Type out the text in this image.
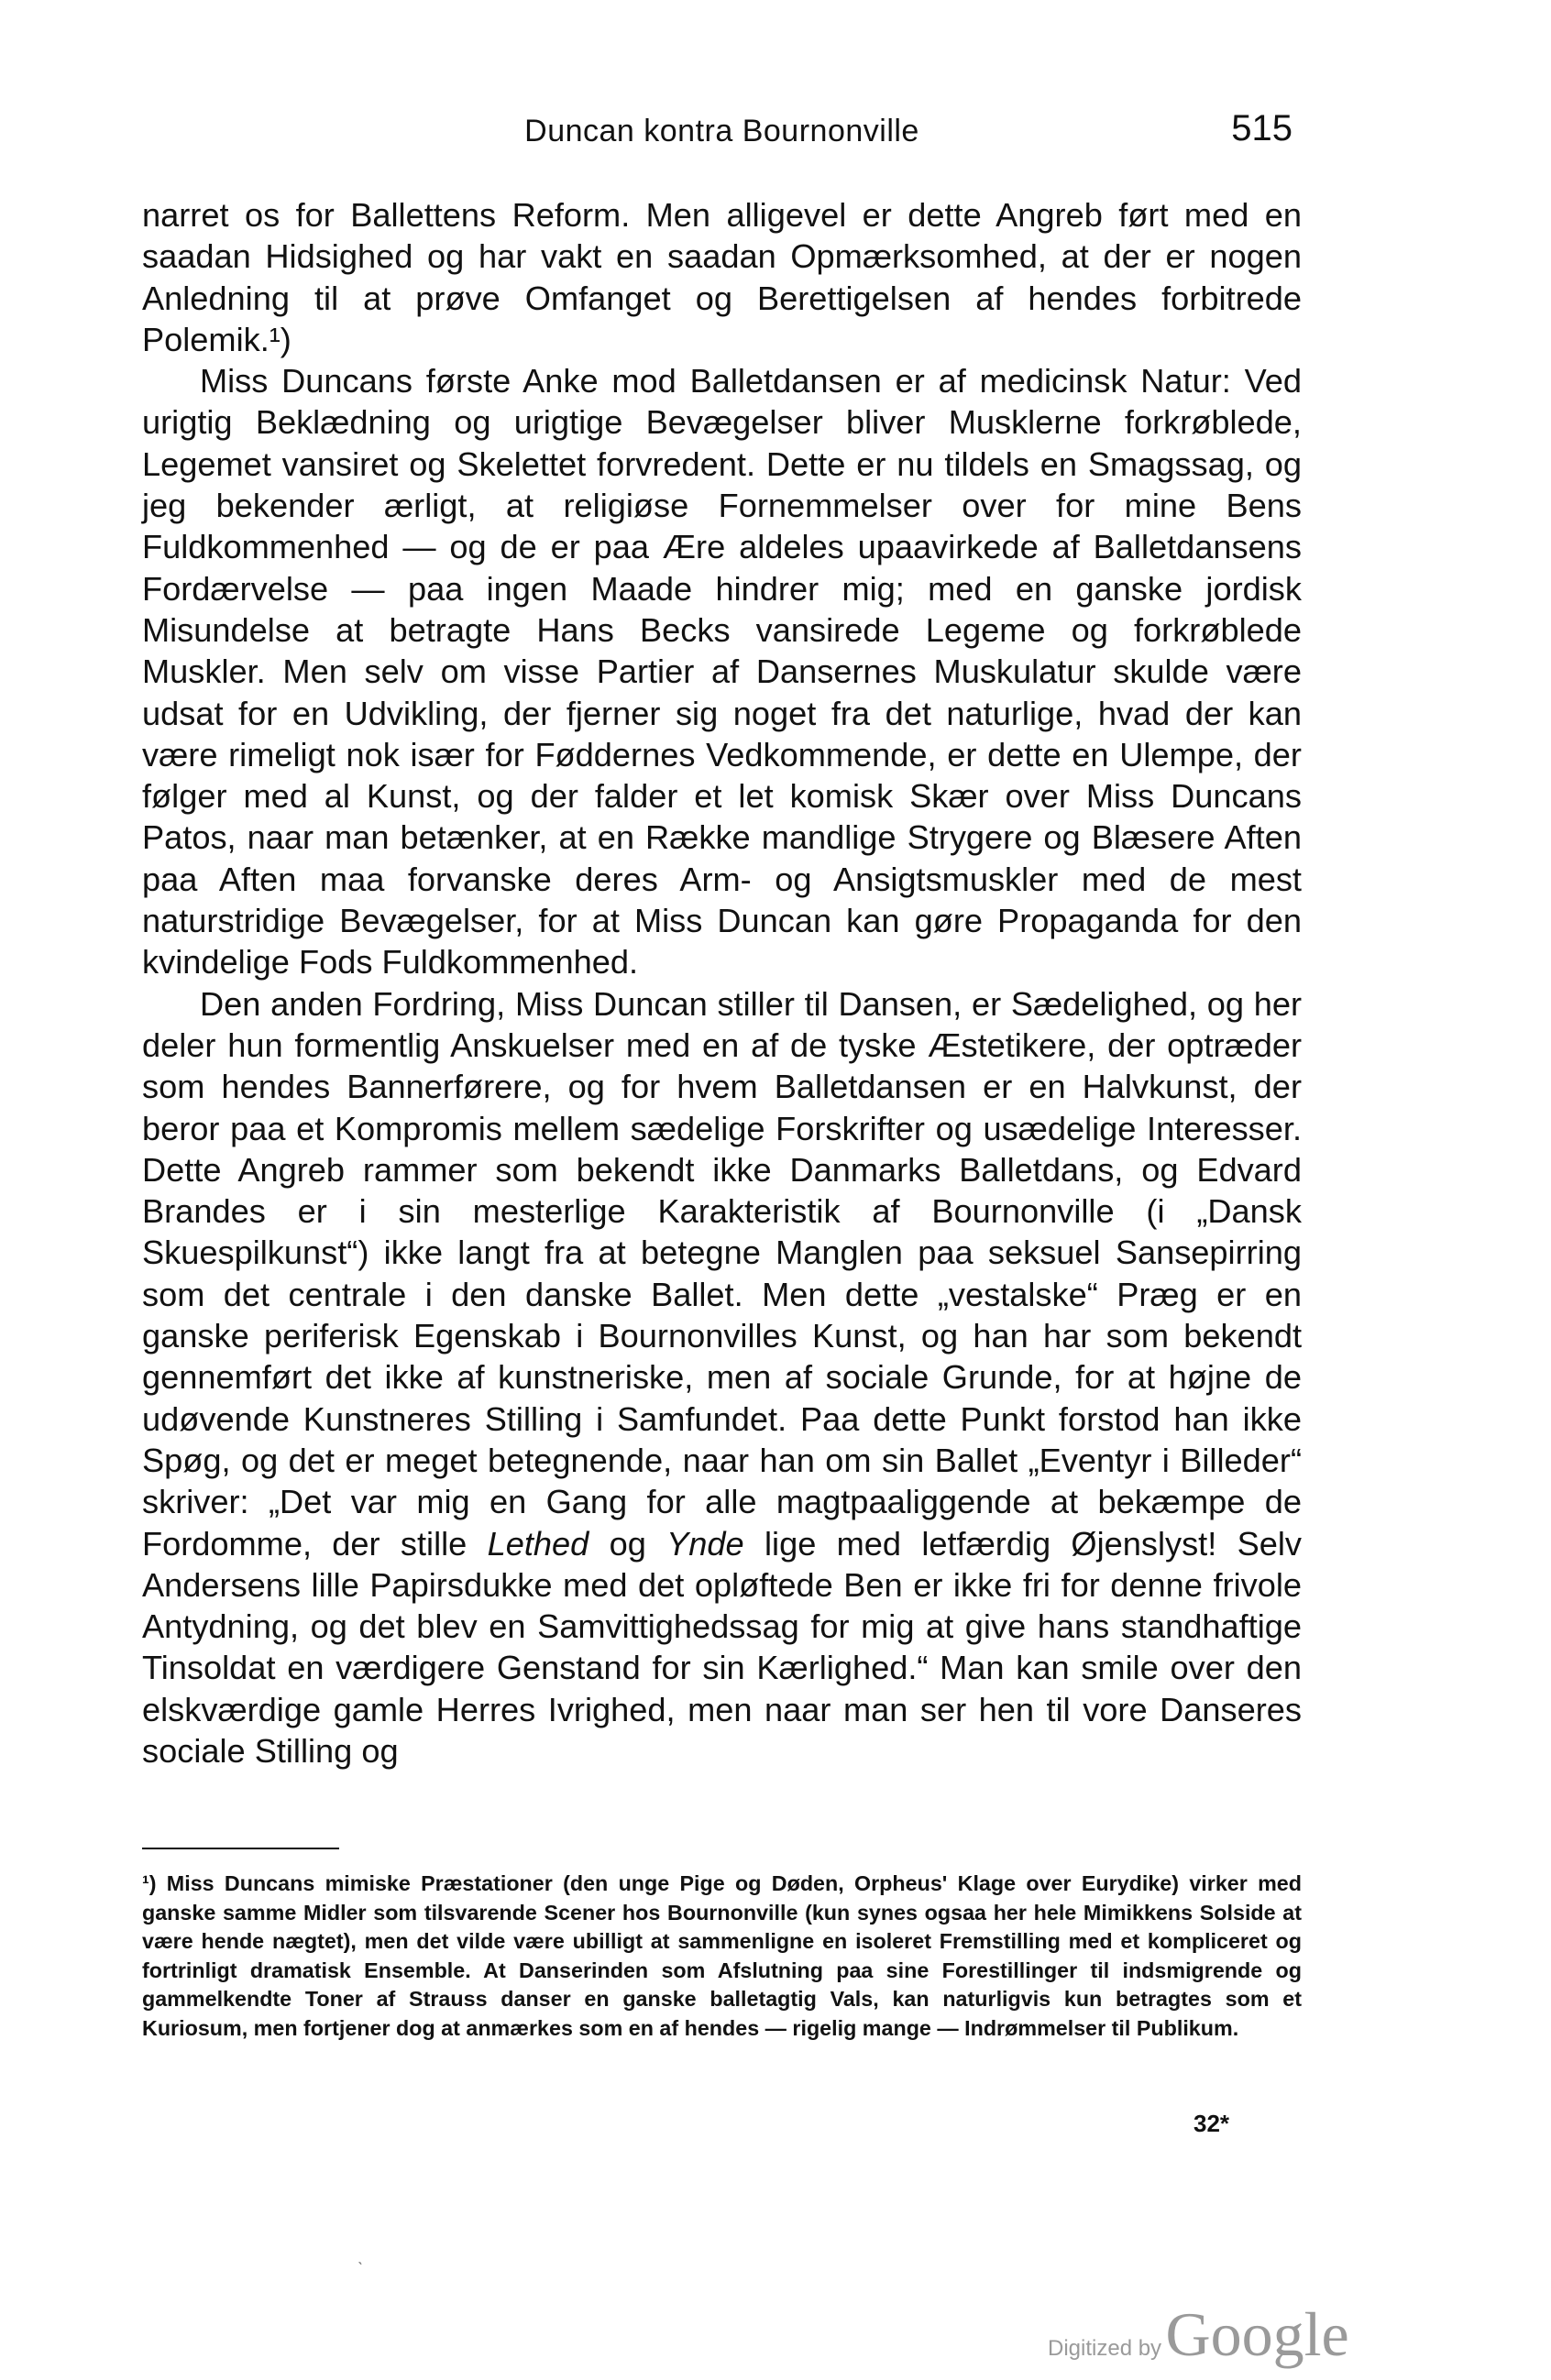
Duncan kontra Bournonville	515

narret os for Ballettens Reform. Men alligevel er dette Angreb ført med en saadan Hidsighed og har vakt en saadan Opmærksomhed, at der er nogen Anledning til at prøve Omfanget og Berettigelsen af hendes forbitrede Polemik.¹)

Miss Duncans første Anke mod Balletdansen er af medicinsk Natur: Ved urigtig Beklædning og urigtige Bevægelser bliver Musklerne forkrøblede, Legemet vansiret og Skelettet forvredent. Dette er nu tildels en Smagssag, og jeg bekender ærligt, at religiøse Fornemmelser over for mine Bens Fuldkommenhed — og de er paa Ære aldeles upaavirkede af Balletdansens Fordærvelse — paa ingen Maade hindrer mig; med en ganske jordisk Misundelse at betragte Hans Becks vansirede Legeme og forkrøblede Muskler. Men selv om visse Partier af Dansernes Muskulatur skulde være udsat for en Udvikling, der fjerner sig noget fra det naturlige, hvad der kan være rimeligt nok især for Føddernes Vedkommende, er dette en Ulempe, der følger med al Kunst, og der falder et let komisk Skær over Miss Duncans Patos, naar man betænker, at en Række mandlige Strygere og Blæsere Aften paa Aften maa forvanske deres Arm- og Ansigtsmuskler med de mest naturstridige Bevægelser, for at Miss Duncan kan gøre Propaganda for den kvindelige Fods Fuldkommenhed.

Den anden Fordring, Miss Duncan stiller til Dansen, er Sædelighed, og her deler hun formentlig Anskuelser med en af de tyske Æstetikere, der optræder som hendes Bannerførere, og for hvem Balletdansen er en Halvkunst, der beror paa et Kompromis mellem sædelige Forskrifter og usædelige Interesser. Dette Angreb rammer som bekendt ikke Danmarks Balletdans, og Edvard Brandes er i sin mesterlige Karakteristik af Bournonville (i „Dansk Skuespilkunst“) ikke langt fra at betegne Manglen paa seksuel Sansepirring som det centrale i den danske Ballet. Men dette „vestalske“ Præg er en ganske periferisk Egenskab i Bournonvilles Kunst, og han har som bekendt gennemført det ikke af kunstneriske, men af sociale Grunde, for at højne de udøvende Kunstneres Stilling i Samfundet. Paa dette Punkt forstod han ikke Spøg, og det er meget betegnende, naar han om sin Ballet „Eventyr i Billeder“ skriver: „Det var mig en Gang for alle magtpaaliggende at bekæmpe de Fordomme, der stille Lethed og Ynde lige med letfærdig Øjenslyst! Selv Andersens lille Papirsdukke med det opløftede Ben er ikke fri for denne frivole Antydning, og det blev en Samvittighedssag for mig at give hans standhaftige Tinsoldat en værdigere Genstand for sin Kærlighed.“ Man kan smile over den elskværdige gamle Herres Ivrighed, men naar man ser hen til vore Danseres sociale Stilling og

¹) Miss Duncans mimiske Præstationer (den unge Pige og Døden, Orpheus' Klage over Eurydike) virker med ganske samme Midler som tilsvarende Scener hos Bournonville (kun synes ogsaa her hele Mimikkens Solside at være hende nægtet), men det vilde være ubilligt at sammenligne en isoleret Fremstilling med et kompliceret og fortrinligt dramatisk Ensemble. At Danserinden som Afslutning paa sine Forestillinger til indsmigrende og gammelkendte Toner af Strauss danser en ganske balletagtig Vals, kan naturligvis kun betragtes som et Kuriosum, men fortjener dog at anmærkes som en af hendes — rigelig mange — Indrømmelser til Publikum.
32*
ˎ
Digitized by Google
